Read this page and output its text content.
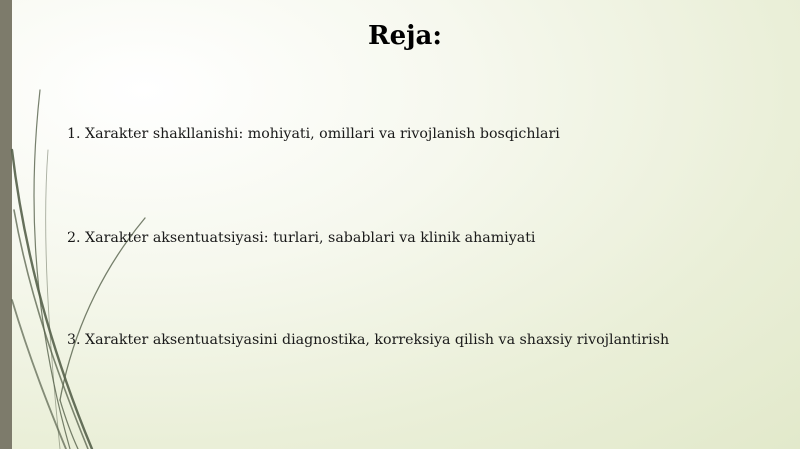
Reja:
1. Xarakter shakllanishi: mohiyati, omillari va rivojlanish bosqichlari
2. Xarakter aksentuatsiyasi: turlari, sabablari va klinik ahamiyati
3. Xarakter aksentuatsiyasini diagnostika, korreksiya qilish va shaxsiy rivojlantirish
